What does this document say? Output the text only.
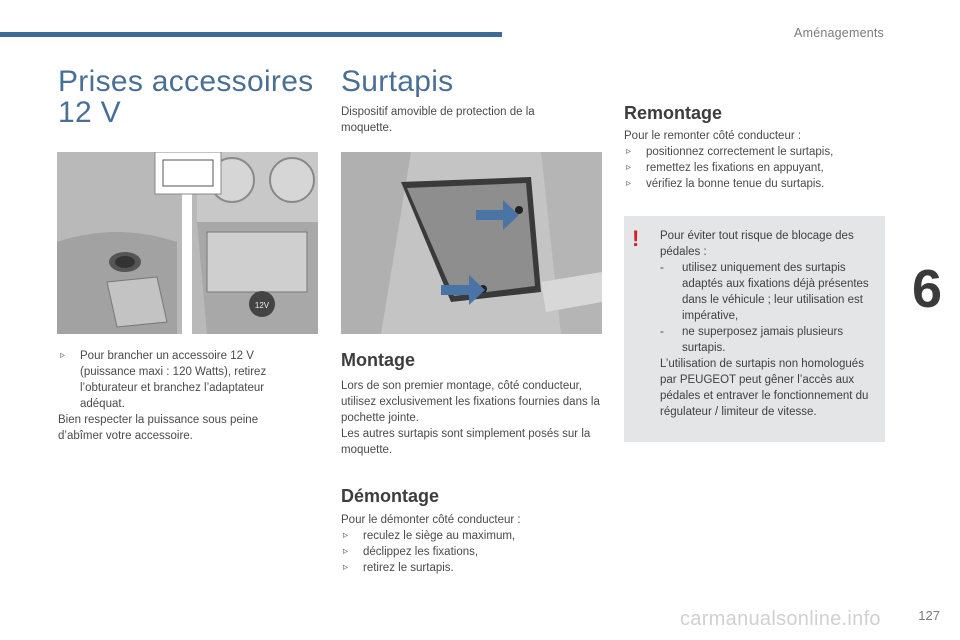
Aménagements
6
127
Prises accessoires
12 V
12V
▹	Pour brancher un accessoire 12 V (puissance maxi : 120 Watts), retirez l’obturateur et branchez l’adaptateur adéquat.
Bien respecter la puissance sous peine d’abîmer votre accessoire.
Surtapis
Dispositif amovible de protection de la moquette.
Montage
Lors de son premier montage, côté conducteur, utilisez exclusivement les fixations fournies dans la pochette jointe.
Les autres surtapis sont simplement posés sur la moquette.
Démontage
Pour le démonter côté conducteur :
▹	reculez le siège au maximum,
▹	déclippez les fixations,
▹	retirez le surtapis.
Remontage
Pour le remonter côté conducteur :
▹	positionnez correctement le surtapis,
▹	remettez les fixations en appuyant,
▹	vérifiez la bonne tenue du surtapis.
! Pour éviter tout risque de blocage des pédales :
-	utilisez uniquement des surtapis adaptés aux fixations déjà présentes dans le véhicule ; leur utilisation est impérative,
-	ne superposez jamais plusieurs surtapis.
L’utilisation de surtapis non homologués par PEUGEOT peut gêner l’accès aux pédales et entraver le fonctionnement du régulateur / limiteur de vitesse.
carmanualsonline.info
